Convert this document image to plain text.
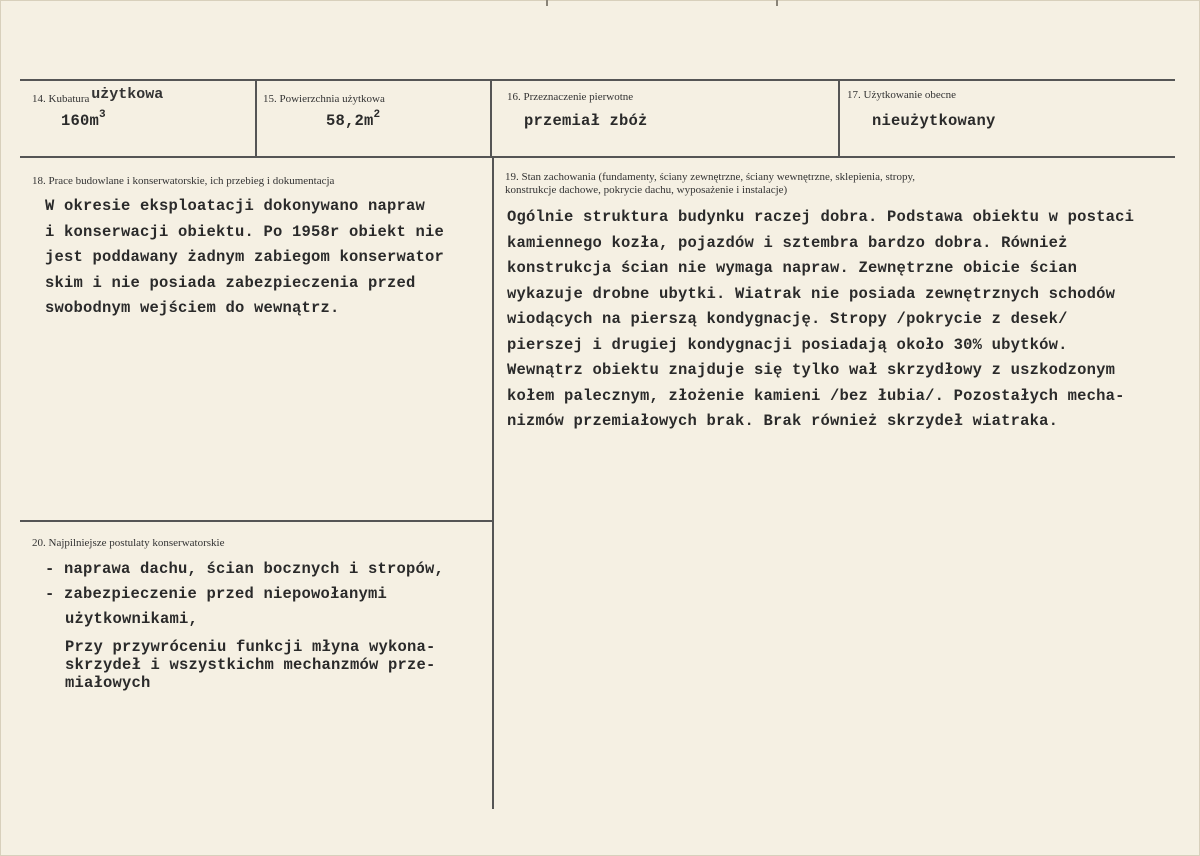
14. Kubatura użytkowa
$160m^3$
15. Powierzchnia użytkowa
$58,2m^2$
16. Przeznaczenie pierwotne
przemiał zbóż
17. Użytkowanie obecne
nieużytkowany
18. Prace budowlane i konserwatorskie, ich przebieg i dokumentacja
W okresie eksploatacji dokonywano napraw
i konserwacji obiektu. Po 1958r obiekt nie
jest poddawany żadnym zabiegom konserwator
skim i nie posiada zabezpieczenia przed
swobodnym wejściem do wewnątrz.
19. Stan zachowania (fundamenty, ściany zewnętrzne, ściany wewnętrzne, sklepienia, stropy,
konstrukcje dachowe, pokrycie dachu, wyposażenie i instalacje)
Ogólnie struktura budynku raczej dobra. Podstawa obiektu w postaci
kamiennego kozła, pojazdów i sztembra bardzo dobra. Również
konstrukcja ścian nie wymaga napraw. Zewnętrzne obicie ścian
wykazuje drobne ubytki. Wiatrak nie posiada zewnętrznych schodów
wiodących na pierszą kondygnację. Stropy /pokrycie z desek/
pierszej i drugiej kondygnacji posiadają około 30% ubytków.
Wewnątrz obiektu znajduje się tylko wał skrzydłowy z uszkodzonym
kołem palecznym, złożenie kamieni /bez łubia/. Pozostałych mecha-
nizmów przemiałowych brak. Brak również skrzydeł wiatraka.
20. Najpilniejsze postulaty konserwatorskie
- naprawa dachu, ścian bocznych i stropów,
- zabezpieczenie przed niepowołanymi
użytkownikami,
Przy przywróceniu funkcji młyna wykona-
skrzydeł i wszystkichm mechanzmów prze-
miałowych
